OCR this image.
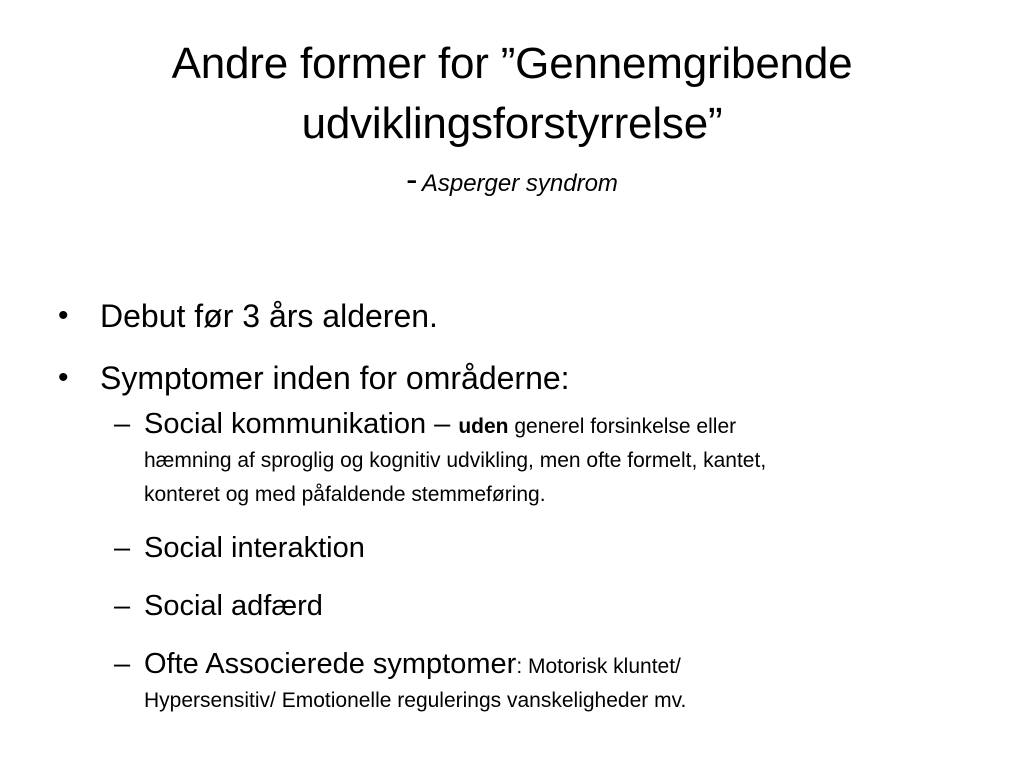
Andre former for ”Gennemgribende
udviklingsforstyrrelse”
- Asperger syndrom
• Debut før 3 års alderen.
• Symptomer inden for områderne:
– Social kommunikation – uden generel forsinkelse eller
hæmning af sproglig og kognitiv udvikling, men ofte formelt, kantet,
konteret og med påfaldende stemmeføring.
– Social interaktion
– Social adfærd
– Ofte Associerede symptomer: Motorisk kluntet/
Hypersensitiv/ Emotionelle regulerings vanskeligheder mv.
